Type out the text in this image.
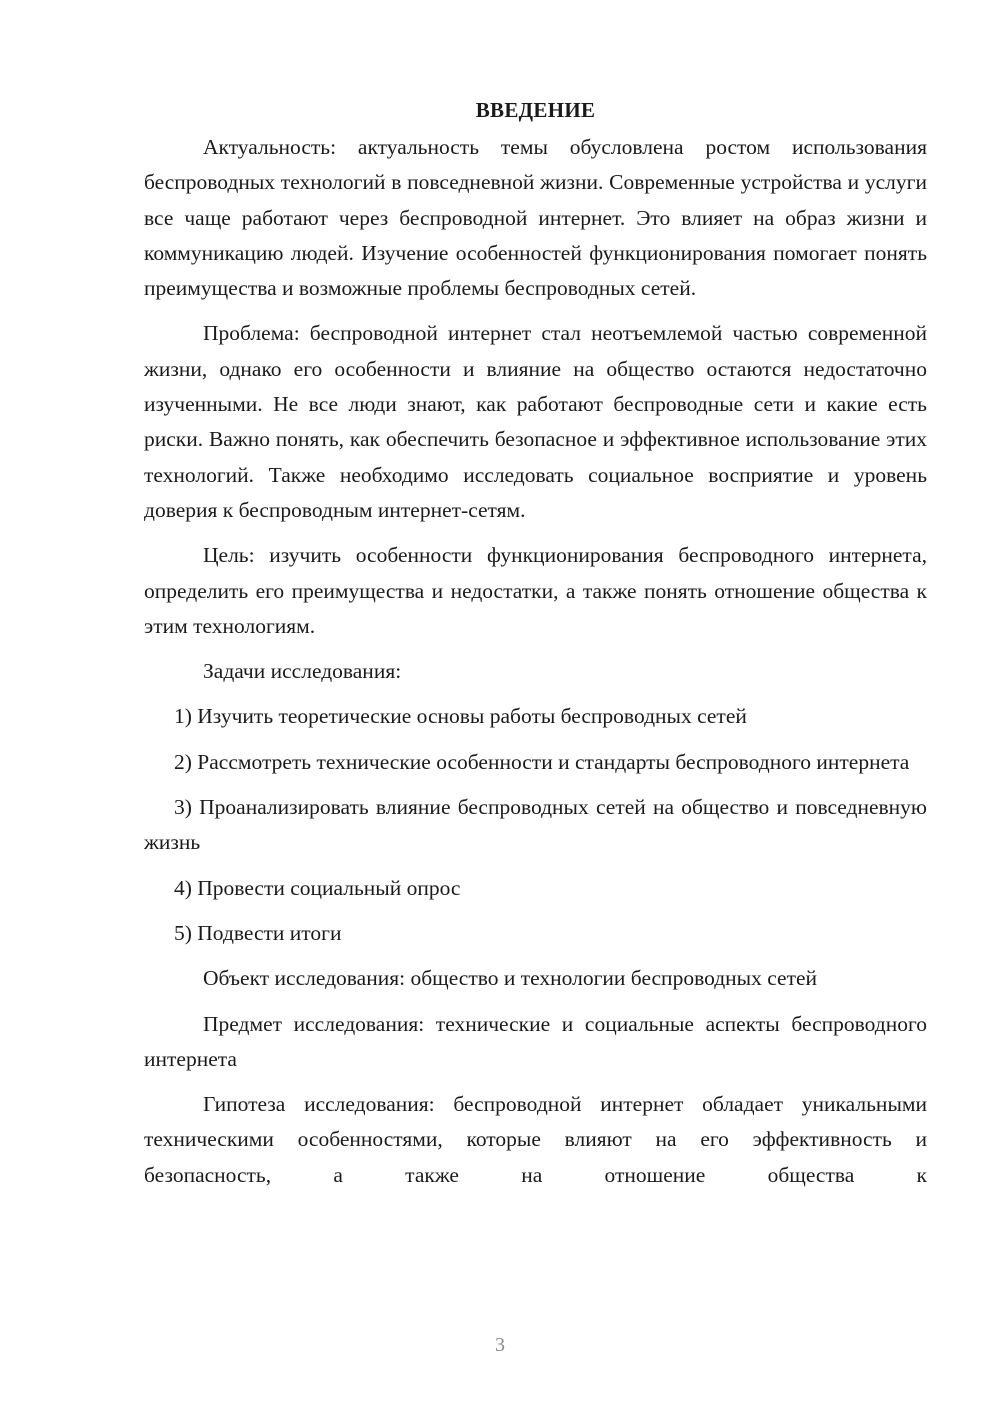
ВВЕДЕНИЕ

Актуальность: актуальность темы обусловлена ростом использования беспроводных технологий в повседневной жизни. Современные устройства и услуги все чаще работают через беспроводной интернет. Это влияет на образ жизни и коммуникацию людей. Изучение особенностей функционирования помогает понять преимущества и возможные проблемы беспроводных сетей.

Проблема: беспроводной интернет стал неотъемлемой частью современной жизни, однако его особенности и влияние на общество остаются недостаточно изученными. Не все люди знают, как работают беспроводные сети и какие есть риски. Важно понять, как обеспечить безопасное и эффективное использование этих технологий. Также необходимо исследовать социальное восприятие и уровень доверия к беспроводным интернет-сетям.

Цель: изучить особенности функционирования беспроводного интернета, определить его преимущества и недостатки, а также понять отношение общества к этим технологиям.

Задачи исследования:

1) Изучить теоретические основы работы беспроводных сетей

2) Рассмотреть технические особенности и стандарты беспроводного интернета

3) Проанализировать влияние беспроводных сетей на общество и повседневную жизнь

4) Провести социальный опрос

5) Подвести итоги

Объект исследования: общество и технологии беспроводных сетей

Предмет исследования: технические и социальные аспекты беспроводного интернета

Гипотеза исследования: беспроводной интернет обладает уникальными техническими особенностями, которые влияют на его эффективность и безопасность, а также на отношение общества к

3
